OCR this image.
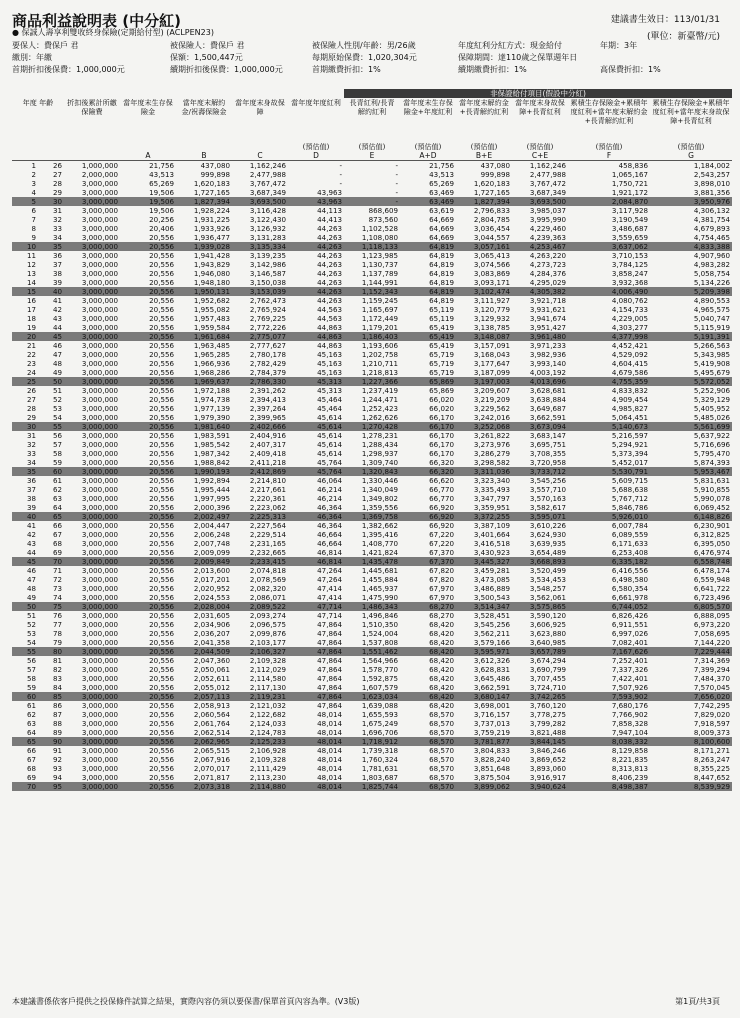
商品利益說明表 (中分紅)	建議書生效日：113/01/31
(單位：新臺幣/元)
● 保誠人壽享利雙收終身保險(定期給付型) (ACLPEN23)
要保人：費保戶 君	被保險人：費保戶 君	被保險人性別/年齡：男/26歲	年度紅利分紅方式：現金給付	年期：3年
繳別：年繳	保額：1,500,447元	每期原始保費：1,020,304元	保障期間：達110歲之保單週年日
首期折扣後保費：1,000,000元	續期折扣後保費：1,000,000元	首期繳費折扣：1%	續期繳費折扣：1%	高保費折扣：1%
							非保證給付項目(假設中分紅)					
年度 年齡		折扣後累計所繳保險費	當年度末生存保險金	當年度末解約金/祝壽保險金	當年度末身故保障	當年度年度紅利	長青紅利/長青解約紅利	當年度末生存保險金+年度紅利	當年度末解約金+長青解約紅利	當年度末身故保障+長青紅利	累積生存保險金+累積年度紅利+當年度末解約金+長青解約紅利	累積生存保險金+累積年度紅利+當年度末身故保障+長青紅利
						(預估值)	(預估值)	(預估值)	(預估值)	(預估值)	(預估值)	(預估值)
			A	B	C	D	E	A+D	B+E	C+E	F	G
1	26	1,000,000	21,756	437,080	1,162,246	-	-	21,756	437,080	1,162,246	458,836	1,184,002
2	27	2,000,000	43,513	999,898	2,477,988	-	-	43,513	999,898	2,477,988	1,065,167	2,543,257
3	28	3,000,000	65,269	1,620,183	3,767,472	-	-	65,269	1,620,183	3,767,472	1,750,721	3,898,010
4	29	3,000,000	19,506	1,727,165	3,687,349	43,963	-	63,469	1,727,165	3,687,349	1,921,172	3,881,356
5	30	3,000,000	19,506	1,827,394	3,693,500	43,963	-	63,469	1,827,394	3,693,500	2,084,870	3,950,976
6	31	3,000,000	19,506	1,928,224	3,116,428	44,113	868,609	63,619	2,796,833	3,985,037	3,117,928	4,306,132
7	32	3,000,000	20,256	1,931,225	3,122,430	44,413	873,560	64,669	2,804,785	3,995,990	3,190,549	4,381,754
8	33	3,000,000	20,406	1,933,926	3,126,932	44,263	1,102,528	64,669	3,036,454	4,229,460	3,486,687	4,679,893
9	34	3,000,000	20,556	1,936,477	3,131,283	44,263	1,108,080	64,669	3,044,557	4,239,363	3,559,659	4,754,465
10	35	3,000,000	20,556	1,939,028	3,135,334	44,263	1,118,133	64,819	3,057,161	4,253,467	3,637,062	4,833,388
11	36	3,000,000	20,556	1,941,428	3,139,235	44,263	1,123,985	64,819	3,065,413	4,263,220	3,710,153	4,907,960
12	37	3,000,000	20,556	1,943,829	3,142,986	44,263	1,130,737	64,819	3,074,566	4,273,723	3,784,125	4,983,282
13	38	3,000,000	20,556	1,946,080	3,146,587	44,263	1,137,789	64,819	3,083,869	4,284,376	3,858,247	5,058,754
14	39	3,000,000	20,556	1,948,180	3,150,038	44,263	1,144,991	64,819	3,093,171	4,295,029	3,932,368	5,134,226
15	40	3,000,000	20,556	1,950,131	3,153,039	44,263	1,152,343	64,819	3,102,474	4,305,382	4,006,490	5,209,398
16	41	3,000,000	20,556	1,952,682	2,762,473	44,263	1,159,245	64,819	3,111,927	3,921,718	4,080,762	4,890,553
17	42	3,000,000	20,556	1,955,082	2,765,924	44,563	1,165,697	65,119	3,120,779	3,931,621	4,154,733	4,965,575
18	43	3,000,000	20,556	1,957,483	2,769,225	44,563	1,172,449	65,119	3,129,932	3,941,674	4,229,005	5,040,747
19	44	3,000,000	20,556	1,959,584	2,772,226	44,863	1,179,201	65,419	3,138,785	3,951,427	4,303,277	5,115,919
20	45	3,000,000	20,556	1,961,684	2,775,077	44,863	1,186,403	65,419	3,148,087	3,961,480	4,377,998	5,191,391
21	46	3,000,000	20,556	1,963,485	2,777,627	44,863	1,193,606	65,419	3,157,091	3,971,233	4,452,421	5,266,563
22	47	3,000,000	20,556	1,965,285	2,780,178	45,163	1,202,758	65,719	3,168,043	3,982,936	4,529,092	5,343,985
23	48	3,000,000	20,556	1,966,936	2,782,429	45,163	1,210,711	65,719	3,177,647	3,993,140	4,604,415	5,419,908
24	49	3,000,000	20,556	1,968,286	2,784,379	45,163	1,218,813	65,719	3,187,099	4,003,192	4,679,586	5,495,679
25	50	3,000,000	20,556	1,969,637	2,786,330	45,313	1,227,366	65,869	3,197,003	4,013,696	4,755,359	5,572,052
26	51	3,000,000	20,556	1,972,188	2,391,262	45,313	1,237,419	65,869	3,209,607	3,628,681	4,833,832	5,252,906
27	52	3,000,000	20,556	1,974,738	2,394,413	45,464	1,244,471	66,020	3,219,209	3,638,884	4,909,454	5,329,129
28	53	3,000,000	20,556	1,977,139	2,397,264	45,464	1,252,423	66,020	3,229,562	3,649,687	4,985,827	5,405,952
29	54	3,000,000	20,556	1,979,390	2,399,965	45,614	1,262,626	66,170	3,242,016	3,662,591	5,064,451	5,485,026
30	55	3,000,000	20,556	1,981,640	2,402,666	45,614	1,270,428	66,170	3,252,068	3,673,094	5,140,673	5,561,699
31	56	3,000,000	20,556	1,983,591	2,404,916	45,614	1,278,231	66,170	3,261,822	3,683,147	5,216,597	5,637,922
32	57	3,000,000	20,556	1,985,542	2,407,317	45,614	1,288,434	66,170	3,273,976	3,695,751	5,294,921	5,716,696
33	58	3,000,000	20,556	1,987,342	2,409,418	45,614	1,298,937	66,170	3,286,279	3,708,355	5,373,394	5,795,470
34	59	3,000,000	20,556	1,988,842	2,411,218	45,764	1,309,740	66,320	3,298,582	3,720,958	5,452,017	5,874,393
35	60	3,000,000	20,556	1,990,193	2,412,869	45,764	1,320,843	66,320	3,311,036	3,733,712	5,530,791	5,953,467
36	61	3,000,000	20,556	1,992,894	2,214,810	46,064	1,330,446	66,620	3,323,340	3,545,256	5,609,715	5,831,631
37	62	3,000,000	20,556	1,995,444	2,217,661	46,214	1,340,049	66,770	3,335,493	3,557,710	5,688,638	5,910,855
38	63	3,000,000	20,556	1,997,995	2,220,361	46,214	1,349,802	66,770	3,347,797	3,570,163	5,767,712	5,990,078
39	64	3,000,000	20,556	2,000,396	2,223,062	46,364	1,359,556	66,920	3,359,951	3,582,617	5,846,786	6,069,452
40	65	3,000,000	20,556	2,002,497	2,225,313	46,364	1,369,758	66,920	3,372,255	3,595,071	5,926,010	6,148,826
41	66	3,000,000	20,556	2,004,447	2,227,564	46,364	1,382,662	66,920	3,387,109	3,610,226	6,007,784	6,230,901
42	67	3,000,000	20,556	2,006,248	2,229,514	46,664	1,395,416	67,220	3,401,664	3,624,930	6,089,559	6,312,825
43	68	3,000,000	20,556	2,007,748	2,231,165	46,664	1,408,770	67,220	3,416,518	3,639,935	6,171,633	6,395,050
44	69	3,000,000	20,556	2,009,099	2,232,665	46,814	1,421,824	67,370	3,430,923	3,654,489	6,253,408	6,476,974
45	70	3,000,000	20,556	2,009,849	2,233,415	46,814	1,435,478	67,370	3,445,327	3,668,893	6,335,182	6,558,748
46	71	3,000,000	20,556	2,013,600	2,074,818	47,264	1,445,681	67,820	3,459,281	3,520,499	6,416,556	6,478,174
47	72	3,000,000	20,556	2,017,201	2,078,569	47,264	1,455,884	67,820	3,473,085	3,534,453	6,498,580	6,559,948
48	73	3,000,000	20,556	2,020,952	2,082,320	47,414	1,465,937	67,970	3,486,889	3,548,257	6,580,354	6,641,722
49	74	3,000,000	20,556	2,024,553	2,086,071	47,414	1,475,990	67,970	3,500,543	3,562,061	6,661,978	6,723,496
50	75	3,000,000	20,556	2,028,004	2,089,522	47,714	1,486,343	68,270	3,514,347	3,575,865	6,744,052	6,805,570
51	76	3,000,000	20,556	2,031,605	2,093,274	47,714	1,496,846	68,270	3,528,451	3,590,120	6,826,426	6,888,095
52	77	3,000,000	20,556	2,034,906	2,096,575	47,864	1,510,350	68,420	3,545,256	3,606,925	6,911,551	6,973,220
53	78	3,000,000	20,556	2,036,207	2,099,876	47,864	1,524,004	68,420	3,562,211	3,623,880	6,997,026	7,058,695
54	79	3,000,000	20,556	2,041,358	2,103,177	47,864	1,537,808	68,420	3,579,166	3,640,985	7,082,401	7,144,220
55	80	3,000,000	20,556	2,044,509	2,106,327	47,864	1,551,462	68,420	3,595,971	3,657,789	7,167,626	7,229,444
56	81	3,000,000	20,556	2,047,360	2,109,328	47,864	1,564,966	68,420	3,612,326	3,674,294	7,252,401	7,314,369
57	82	3,000,000	20,556	2,050,061	2,112,029	47,864	1,578,770	68,420	3,628,831	3,690,799	7,337,326	7,399,294
58	83	3,000,000	20,556	2,052,611	2,114,580	47,864	1,592,875	68,420	3,645,486	3,707,455	7,422,401	7,484,370
59	84	3,000,000	20,556	2,055,012	2,117,130	47,864	1,607,579	68,420	3,662,591	3,724,710	7,507,926	7,570,045
60	85	3,000,000	20,556	2,057,113	2,119,231	47,864	1,623,034	68,420	3,680,147	3,742,265	7,593,902	7,656,020
61	86	3,000,000	20,556	2,058,913	2,121,032	47,864	1,639,088	68,420	3,698,001	3,760,120	7,680,176	7,742,295
62	87	3,000,000	20,556	2,060,564	2,122,682	48,014	1,655,593	68,570	3,716,157	3,778,275	7,766,902	7,829,020
63	88	3,000,000	20,556	2,061,764	2,124,033	48,014	1,675,249	68,570	3,737,013	3,799,282	7,858,328	7,918,597
64	89	3,000,000	20,556	2,062,514	2,124,783	48,014	1,696,706	68,570	3,759,219	3,821,488	7,947,104	8,009,373
65	90	3,000,000	20,556	2,062,965	2,125,233	48,014	1,718,912	68,570	3,781,877	3,844,145	8,038,332	8,100,600
66	91	3,000,000	20,556	2,065,515	2,106,928	48,014	1,739,318	68,570	3,804,833	3,846,246	8,129,858	8,171,271
67	92	3,000,000	20,556	2,067,916	2,109,328	48,014	1,760,324	68,570	3,828,240	3,869,652	8,221,835	8,263,247
68	93	3,000,000	20,556	2,070,017	2,111,429	48,014	1,781,631	68,570	3,851,648	3,893,060	8,313,813	8,355,225
69	94	3,000,000	20,556	2,071,817	2,113,230	48,014	1,803,687	68,570	3,875,504	3,916,917	8,406,239	8,447,652
70	95	3,000,000	20,556	2,073,318	2,114,880	48,014	1,825,744	68,570	3,899,062	3,940,624	8,498,387	8,539,929
本建議書係依客戶提供之投保條件試算之結果，實際內容仍須以要保書/保單首頁內容為準。(V3版)	第1頁/共3頁
